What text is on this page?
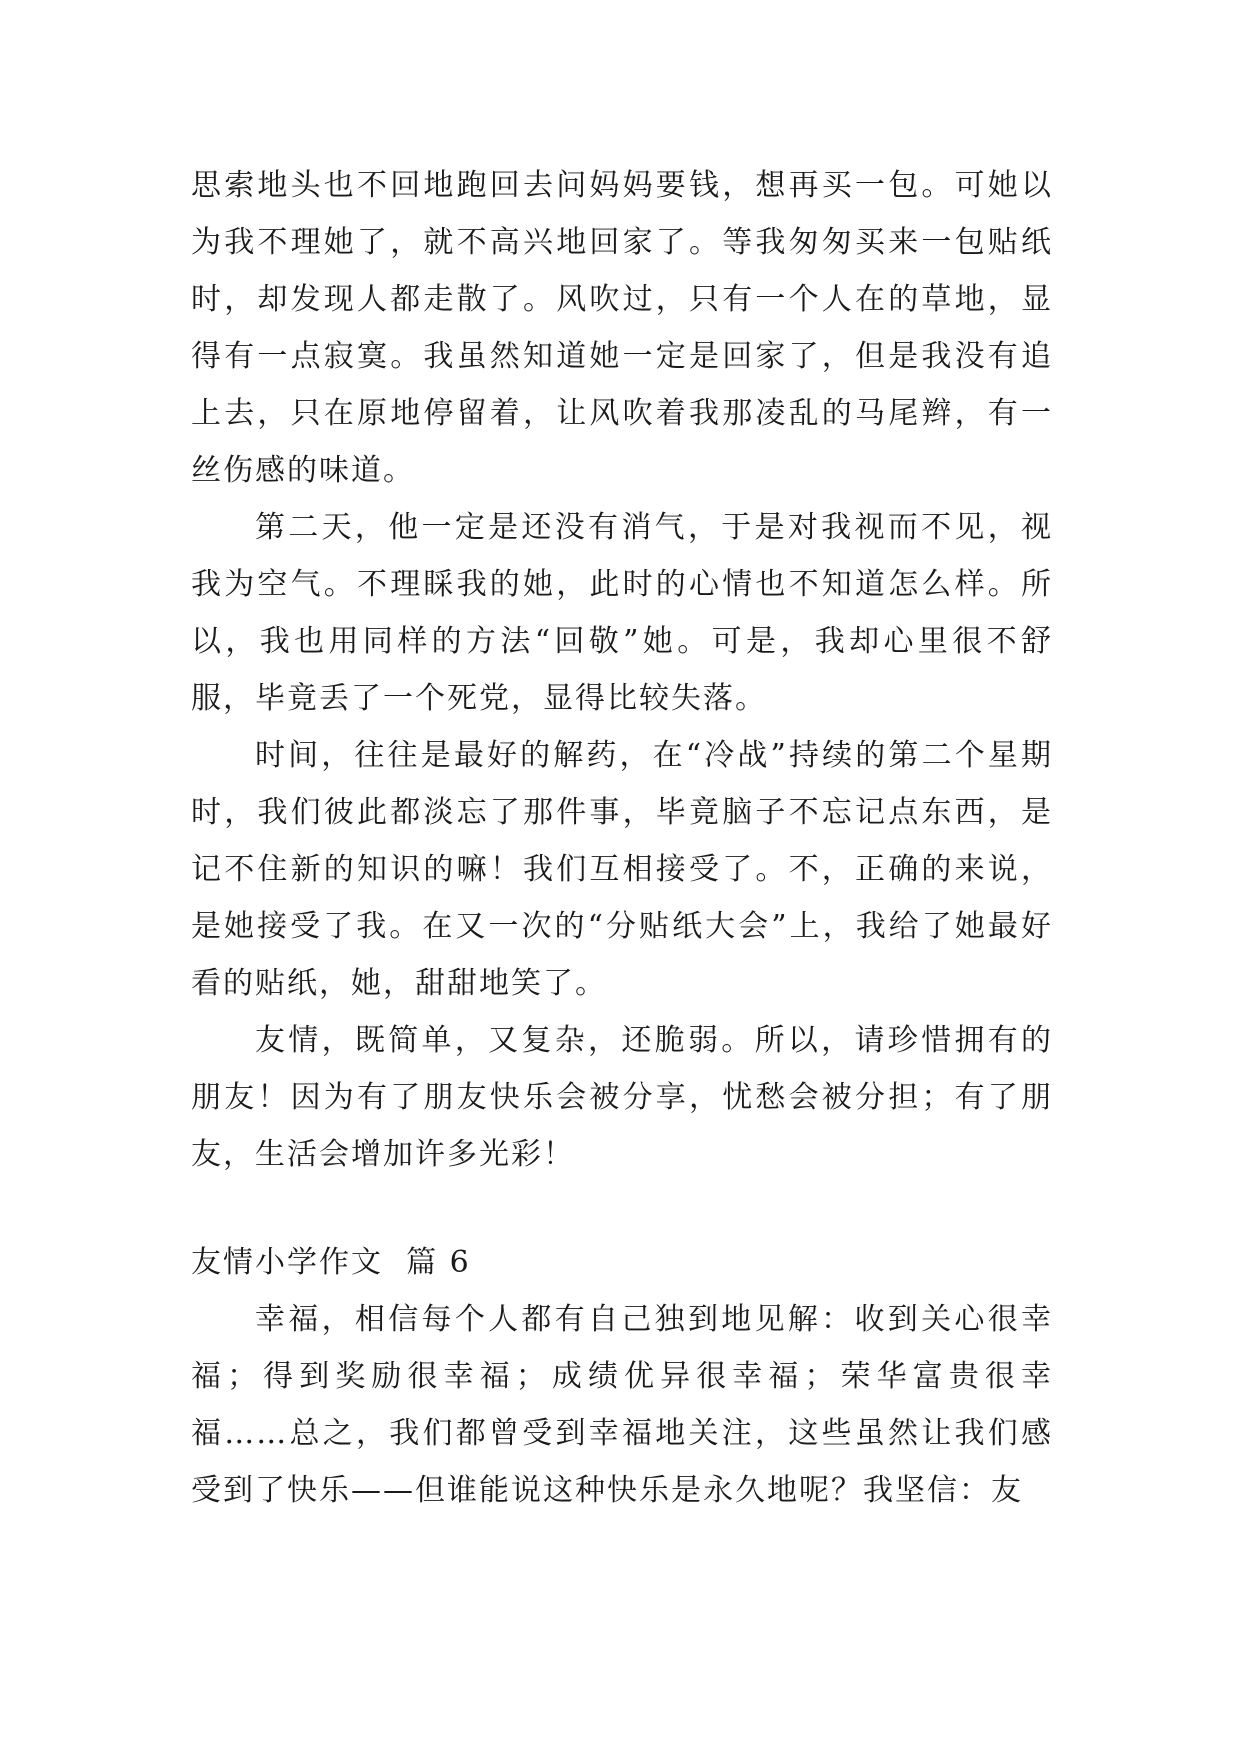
思索地头也不回地跑回去问妈妈要钱，想再买一包。可她以为我不理她了，就不高兴地回家了。等我匆匆买来一包贴纸时，却发现人都走散了。风吹过，只有一个人在的草地，显得有一点寂寞。我虽然知道她一定是回家了，但是我没有追上去，只在原地停留着，让风吹着我那凌乱的马尾辫，有一丝伤感的味道。

第二天，他一定是还没有消气，于是对我视而不见，视我为空气。不理睬我的她，此时的心情也不知道怎么样。所以，我也用同样的方法“回敬”她。可是，我却心里很不舒服，毕竟丢了一个死党，显得比较失落。

时间，往往是最好的解药，在“冷战”持续的第二个星期时，我们彼此都淡忘了那件事，毕竟脑子不忘记点东西，是记不住新的知识的嘛！我们互相接受了。不，正确的来说，是她接受了我。在又一次的“分贴纸大会”上，我给了她最好看的贴纸，她，甜甜地笑了。

友情，既简单，又复杂，还脆弱。所以，请珍惜拥有的朋友！因为有了朋友快乐会被分享，忧愁会被分担；有了朋友，生活会增加许多光彩！

友情小学作文  篇 6

幸福，相信每个人都有自己独到地见解：收到关心很幸福；得到奖励很幸福；成绩优异很幸福；荣华富贵很幸福……总之，我们都曾受到幸福地关注，这些虽然让我们感受到了快乐——但谁能说这种快乐是永久地呢？我坚信：友
